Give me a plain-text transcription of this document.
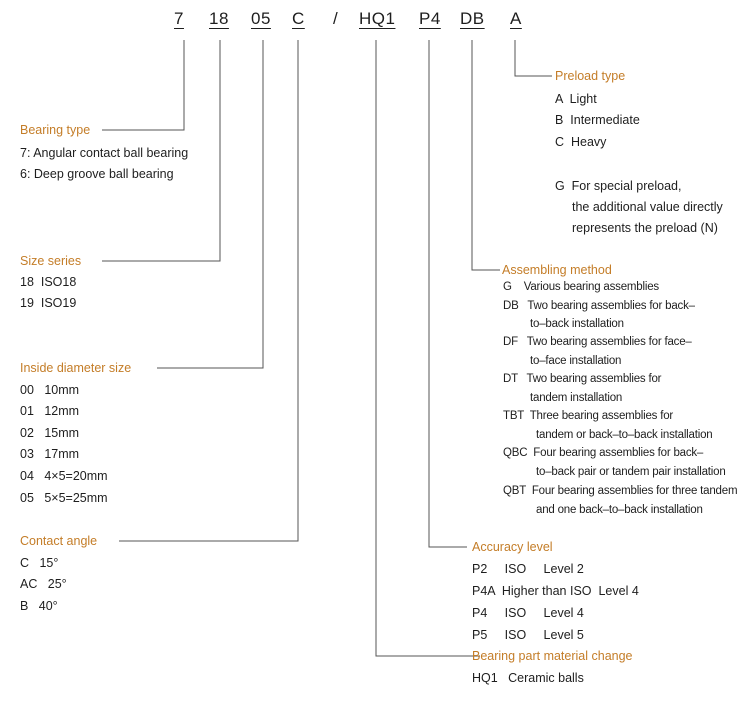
7 18 05 C / HQ1 P4 DB A
Bearing type
7: Angular contact ball bearing
6: Deep groove ball bearing
Size series
18  ISO18
19  ISO19
Inside diameter size
00   10mm
01   12mm
02   15mm
03   17mm
04   4×5=20mm
05   5×5=25mm
Contact angle
C   15°
AC   25°
B   40°
Preload type
A  Light
B  Intermediate
C  Heavy
G  For special preload,
the additional value directly
represents the preload (N)
Assembling method
G    Various bearing assemblies
DB   Two bearing assemblies for back–
to–back installation
DF   Two bearing assemblies for face–
to–face installation
DT   Two bearing assemblies for
tandem installation
TBT  Three bearing assemblies for
tandem or back–to–back installation
QBC  Four bearing assemblies for back–
to–back pair or tandem pair installation
QBT  Four bearing assemblies for three tandem
and one back–to–back installation
Accuracy level
P2     ISO     Level 2
P4A  Higher than ISO  Level 4
P4     ISO     Level 4
P5     ISO     Level 5
Bearing part material change
HQ1   Ceramic balls
